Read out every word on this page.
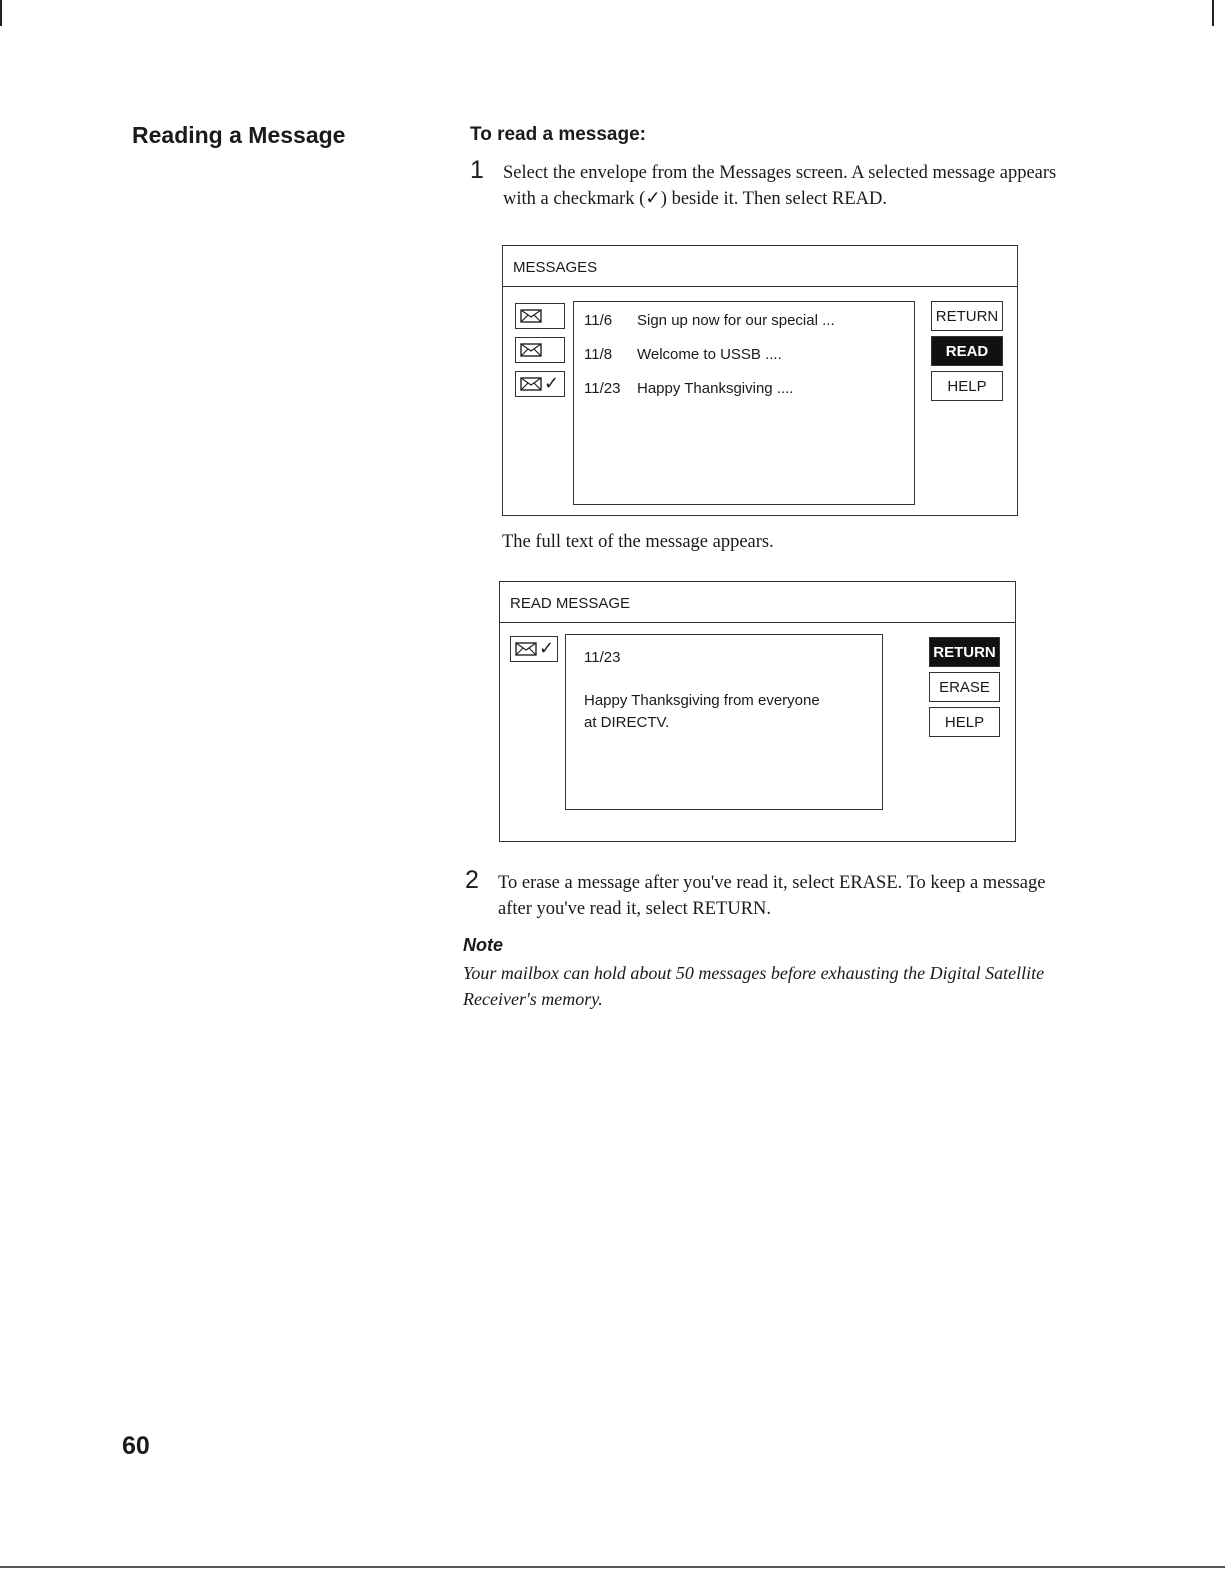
Reading a Message	To read a message:
1 Select the envelope from the Messages screen. A selected message appears with a checkmark (✓) beside it. Then select READ.
MESSAGES
✓
11/6 Sign up now for our special ...
11/8 Welcome to USSB ....
11/23 Happy Thanksgiving ....
RETURN
READ
HELP
The full text of the message appears.
READ MESSAGE
✓ 11/23
Happy Thanksgiving from everyone
at DIRECTV.
RETURN
ERASE
HELP
2 To erase a message after you've read it, select ERASE. To keep a message after you've read it, select RETURN.
Note
Your mailbox can hold about 50 messages before exhausting the Digital Satellite Receiver's memory.
60
